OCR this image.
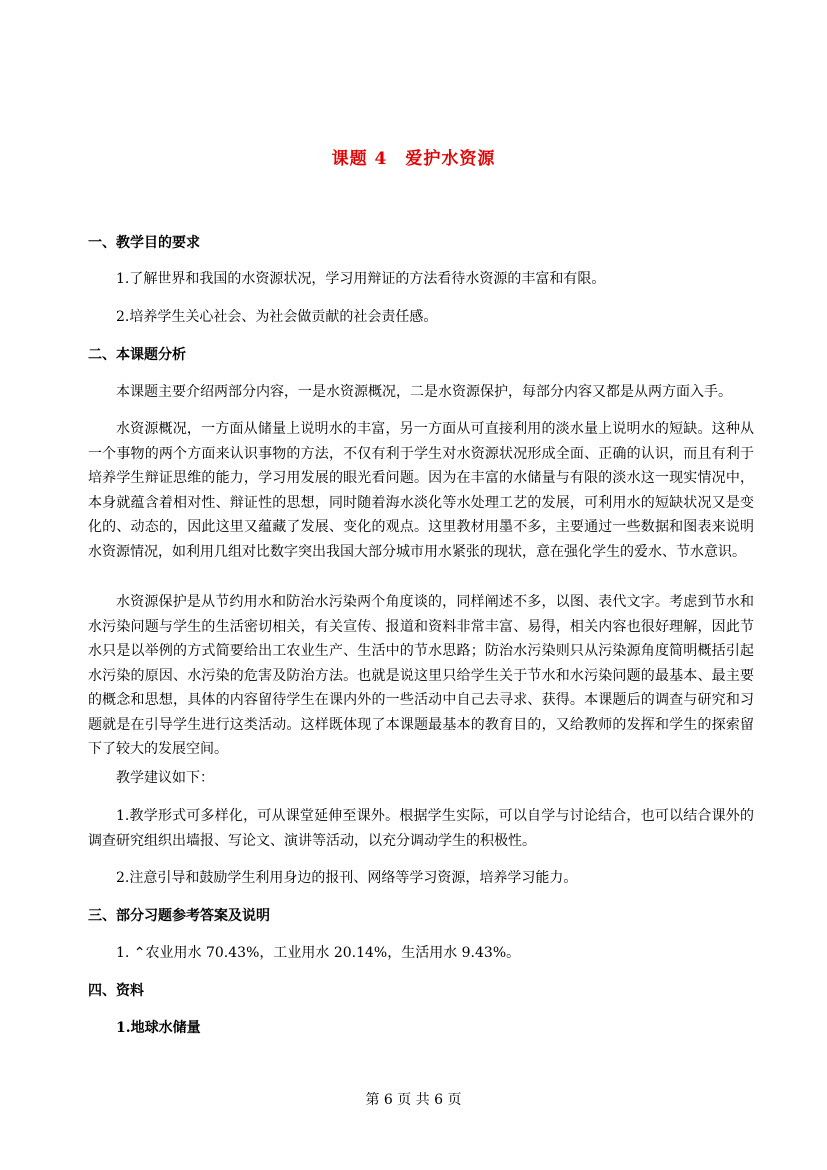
课题 4　爱护水资源
一、教学目的要求
1.了解世界和我国的水资源状况，学习用辩证的方法看待水资源的丰富和有限。
2.培养学生关心社会、为社会做贡献的社会责任感。
二、本课题分析
本课题主要介绍两部分内容，一是水资源概况，二是水资源保护，每部分内容又都是从两方面入手。
水资源概况，一方面从储量上说明水的丰富，另一方面从可直接利用的淡水量上说明水的短缺。这种从一个事物的两个方面来认识事物的方法，不仅有利于学生对水资源状况形成全面、正确的认识，而且有利于培养学生辩证思维的能力，学习用发展的眼光看问题。因为在丰富的水储量与有限的淡水这一现实情况中，本身就蕴含着相对性、辩证性的思想，同时随着海水淡化等水处理工艺的发展，可利用水的短缺状况又是变化的、动态的，因此这里又蕴藏了发展、变化的观点。这里教材用墨不多，主要通过一些数据和图表来说明水资源情况，如利用几组对比数字突出我国大部分城市用水紧张的现状，意在强化学生的爱水、节水意识。
水资源保护是从节约用水和防治水污染两个角度谈的，同样阐述不多，以图、表代文字。考虑到节水和水污染问题与学生的生活密切相关，有关宣传、报道和资料非常丰富、易得，相关内容也很好理解，因此节水只是以举例的方式简要给出工农业生产、生活中的节水思路；防治水污染则只从污染源角度简明概括引起水污染的原因、水污染的危害及防治方法。也就是说这里只给学生关于节水和水污染问题的最基本、最主要的概念和思想，具体的内容留待学生在课内外的一些活动中自己去寻求、获得。本课题后的调查与研究和习题就是在引导学生进行这类活动。这样既体现了本课题最基本的教育目的，又给教师的发挥和学生的探索留下了较大的发展空间。
教学建议如下：
1.教学形式可多样化，可从课堂延伸至课外。根据学生实际，可以自学与讨论结合，也可以结合课外的调查研究组织出墙报、写论文、演讲等活动，以充分调动学生的积极性。
2.注意引导和鼓励学生利用身边的报刊、网络等学习资源，培养学习能力。
三、部分习题参考答案及说明
1. ⌃农业用水 70.43%，工业用水 20.14%，生活用水 9.43%。
四、资料
1.地球水储量
第 6 页 共 6 页
